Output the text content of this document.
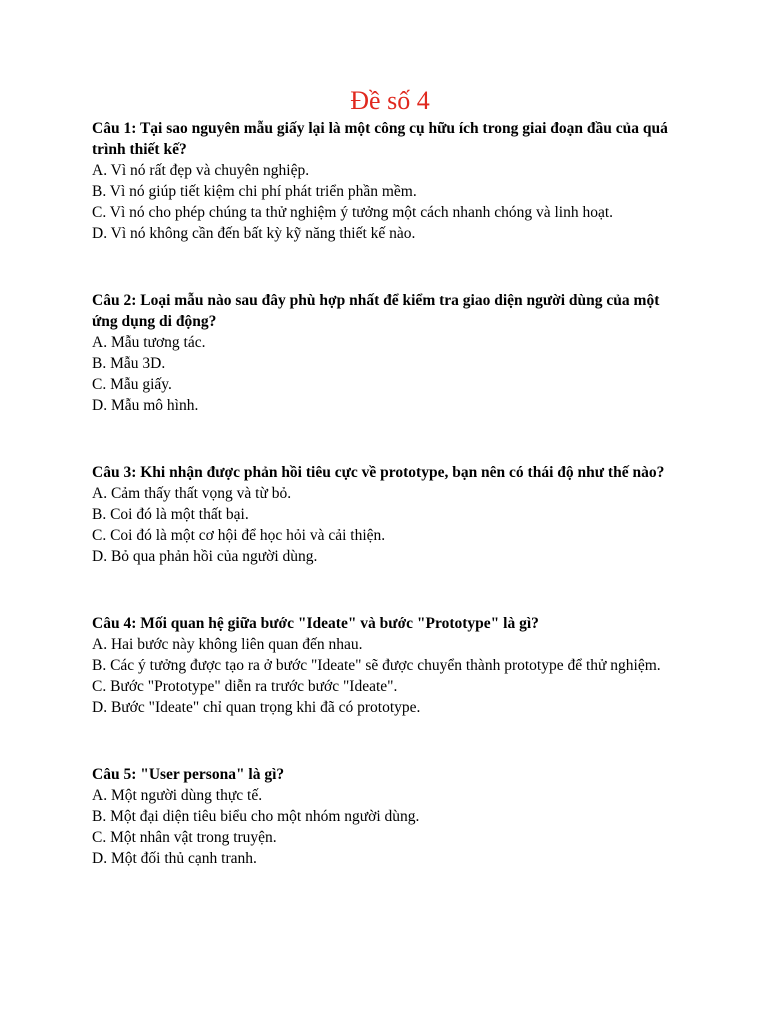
Đề số 4

Câu 1: Tại sao nguyên mẫu giấy lại là một công cụ hữu ích trong giai đoạn đầu của quá trình thiết kế?

A. Vì nó rất đẹp và chuyên nghiệp.

B. Vì nó giúp tiết kiệm chi phí phát triển phần mềm.

C. Vì nó cho phép chúng ta thử nghiệm ý tưởng một cách nhanh chóng và linh hoạt.

D. Vì nó không cần đến bất kỳ kỹ năng thiết kế nào.

Câu 2: Loại mẫu nào sau đây phù hợp nhất để kiểm tra giao diện người dùng của một ứng dụng di động?

A. Mẫu tương tác.

B. Mẫu 3D.

C. Mẫu giấy.

D. Mẫu mô hình.

Câu 3: Khi nhận được phản hồi tiêu cực về prototype, bạn nên có thái độ như thế nào?

A. Cảm thấy thất vọng và từ bỏ.

B. Coi đó là một thất bại.

C. Coi đó là một cơ hội để học hỏi và cải thiện.

D. Bỏ qua phản hồi của người dùng.

Câu 4: Mối quan hệ giữa bước "Ideate" và bước "Prototype" là gì?

A. Hai bước này không liên quan đến nhau.

B. Các ý tưởng được tạo ra ở bước "Ideate" sẽ được chuyển thành prototype để thử nghiệm.

C. Bước "Prototype" diễn ra trước bước "Ideate".

D. Bước "Ideate" chỉ quan trọng khi đã có prototype.

Câu 5: "User persona" là gì?

A. Một người dùng thực tế.

B. Một đại diện tiêu biểu cho một nhóm người dùng.

C. Một nhân vật trong truyện.

D. Một đối thủ cạnh tranh.
